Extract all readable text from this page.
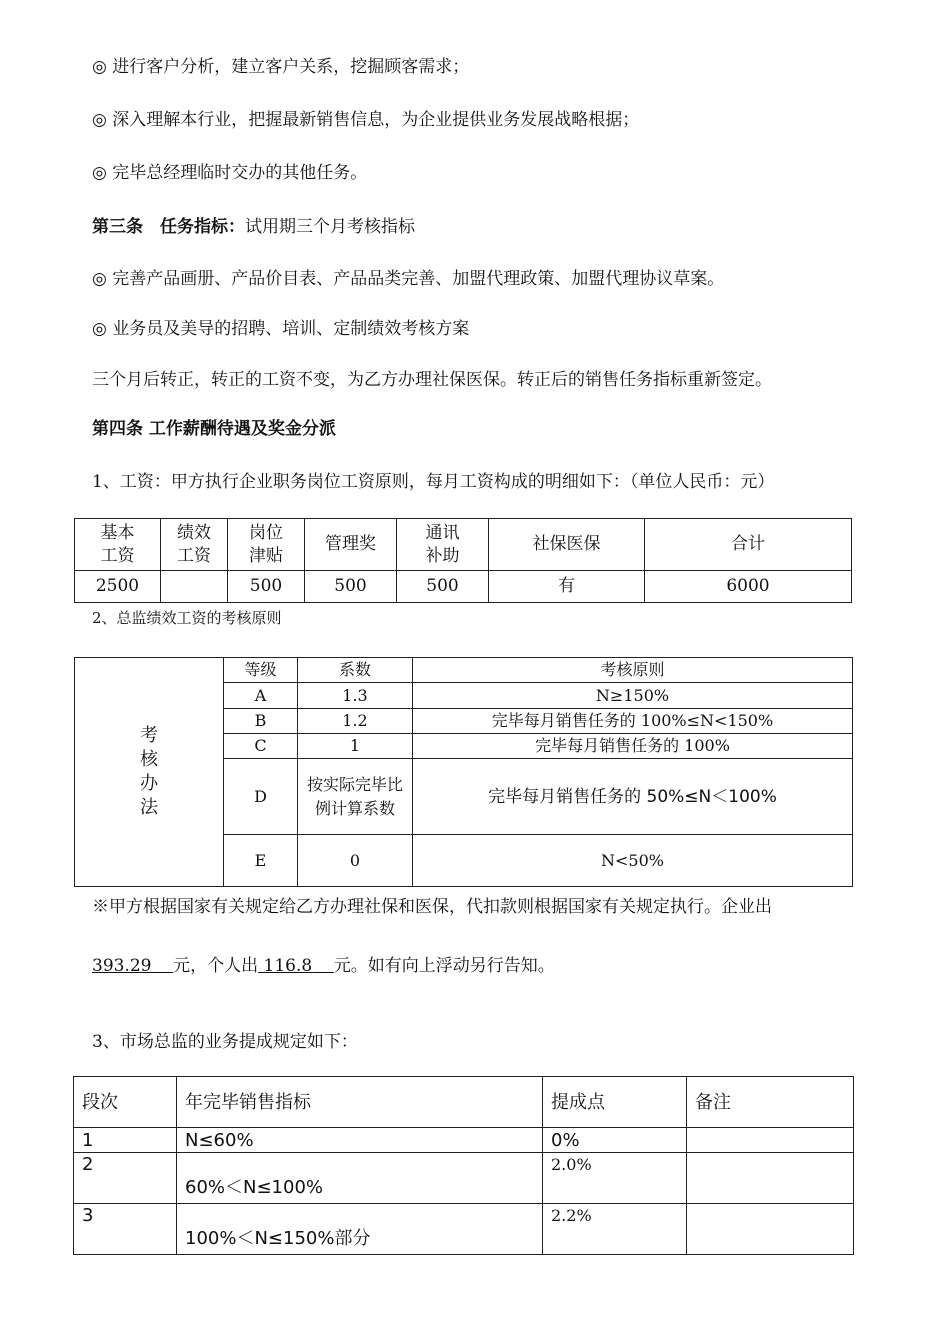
◎ 进行客户分析，建立客户关系，挖掘顾客需求；
◎ 深入理解本行业，把握最新销售信息，为企业提供业务发展战略根据；
◎ 完毕总经理临时交办的其他任务。
第三条　任务指标：试用期三个月考核指标
◎ 完善产品画册、产品价目表、产品品类完善、加盟代理政策、加盟代理协议草案。
◎ 业务员及美导的招聘、培训、定制绩效考核方案
三个月后转正，转正的工资不变，为乙方办理社保医保。转正后的销售任务指标重新签定。
第四条 工作薪酬待遇及奖金分派
1、工资：甲方执行企业职务岗位工资原则，每月工资构成的明细如下：（单位人民币：元）
基本
工资	绩效
工资	岗位
津贴	管理奖	通讯
补助	社保医保	合计
2500		500	500	500	有	6000
2、总监绩效工资的考核原则
考
核
办
法	等级	系数	考核原则
	A	1.3	N≥150%
	B	1.2	完毕每月销售任务的 100%≤N<150%
	C	1	完毕每月销售任务的 100%
	D	按实际完毕比例计算系数	完毕每月销售任务的 50%≤N＜100%
	E	0	N<50%
※甲方根据国家有关规定给乙方办理社保和医保，代扣款则根据国家有关规定执行。企业出
393.29 元，个人出 116.8 元。如有向上浮动另行告知。
3、市场总监的业务提成规定如下：
段次	年完毕销售指标	提成点	备注
1	N≤60%	0%	
2	60%＜N≤100%	2.0%	
3	100%＜N≤150%部分	2.2%	
